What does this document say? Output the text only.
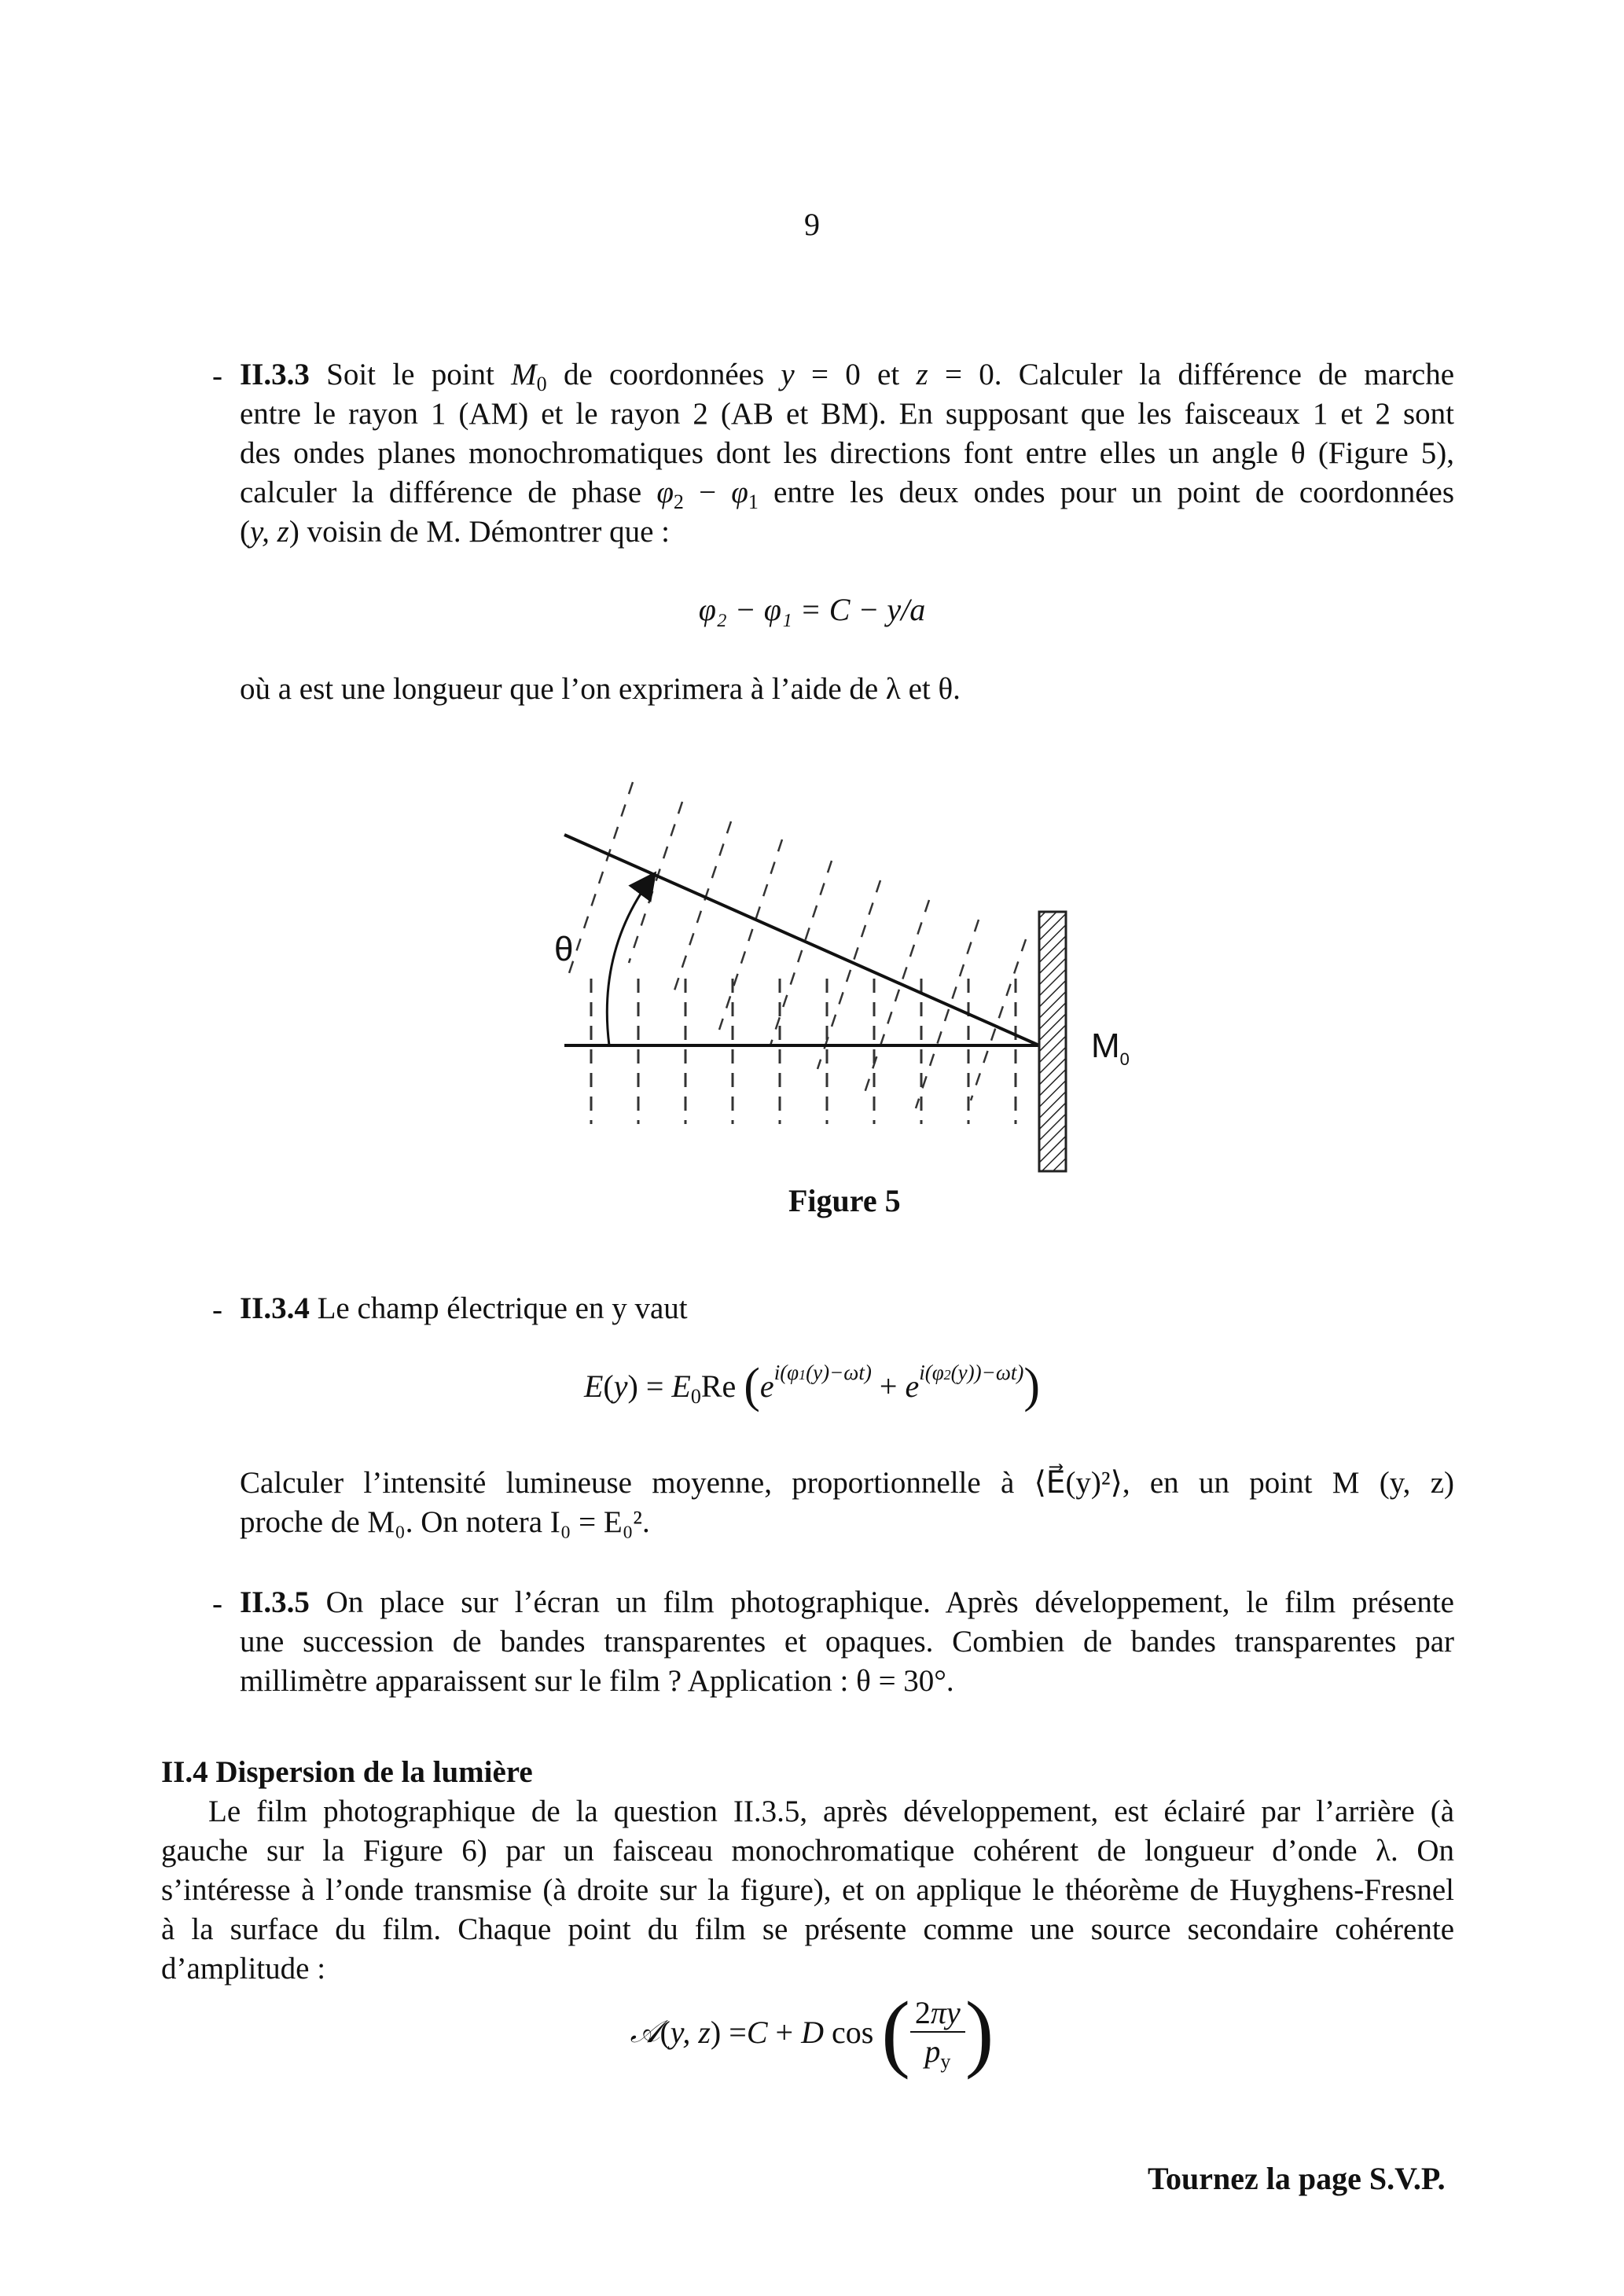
9
- II.3.3 Soit le point $M_0$ de coordonnées y = 0 et z = 0. Calculer la différence de marche
entre le rayon 1 (AM) et le rayon 2 (AB et BM). En supposant que les faisceaux 1 et 2 sont
des ondes planes monochromatiques dont les directions font entre elles un angle θ (Figure 5),
calculer la différence de phase $\varphi_2 - \varphi_1$ entre les deux ondes pour un point de coordonnées
(y, z) voisin de M. Démontrer que :
φ₂ − φ₁ = C − y/a
où a est une longueur que l’on exprimera à l’aide de λ et θ.
θ
$M_0$
Figure 5
- II.3.4 Le champ électrique en y vaut
$E(y) = E_0Re$ $(e^{i(\varphi 1(y)-\omega t)} + e^{i(\varphi 2(y))-\omega t)})$
Calculer l’intensité lumineuse moyenne, proportionnelle à ⟨E⃗(y)²⟩, en un point M (y, z)
proche de M₀. On notera I₀ = E₀².
- II.3.5 On place sur l’écran un film photographique. Après développement, le film présente
une succession de bandes transparentes et opaques. Combien de bandes transparentes par
millimètre apparaissent sur le film ? Application : θ = 30°.
II.4 Dispersion de la lumière
Le film photographique de la question II.3.5, après développement, est éclairé par l’arrière (à
gauche sur la Figure 6) par un faisceau monochromatique cohérent de longueur d’onde λ. On
s’intéresse à l’onde transmise (à droite sur la figure), et on applique le théorème de Huyghens-Fresnel
à la surface du film. Chaque point du film se présente comme une source secondaire cohérente
d’amplitude :
𝒜 ( y, z ) = C + D cos ( $\frac{2\pi y}{p_y}$ )
Tournez la page S.V.P.
